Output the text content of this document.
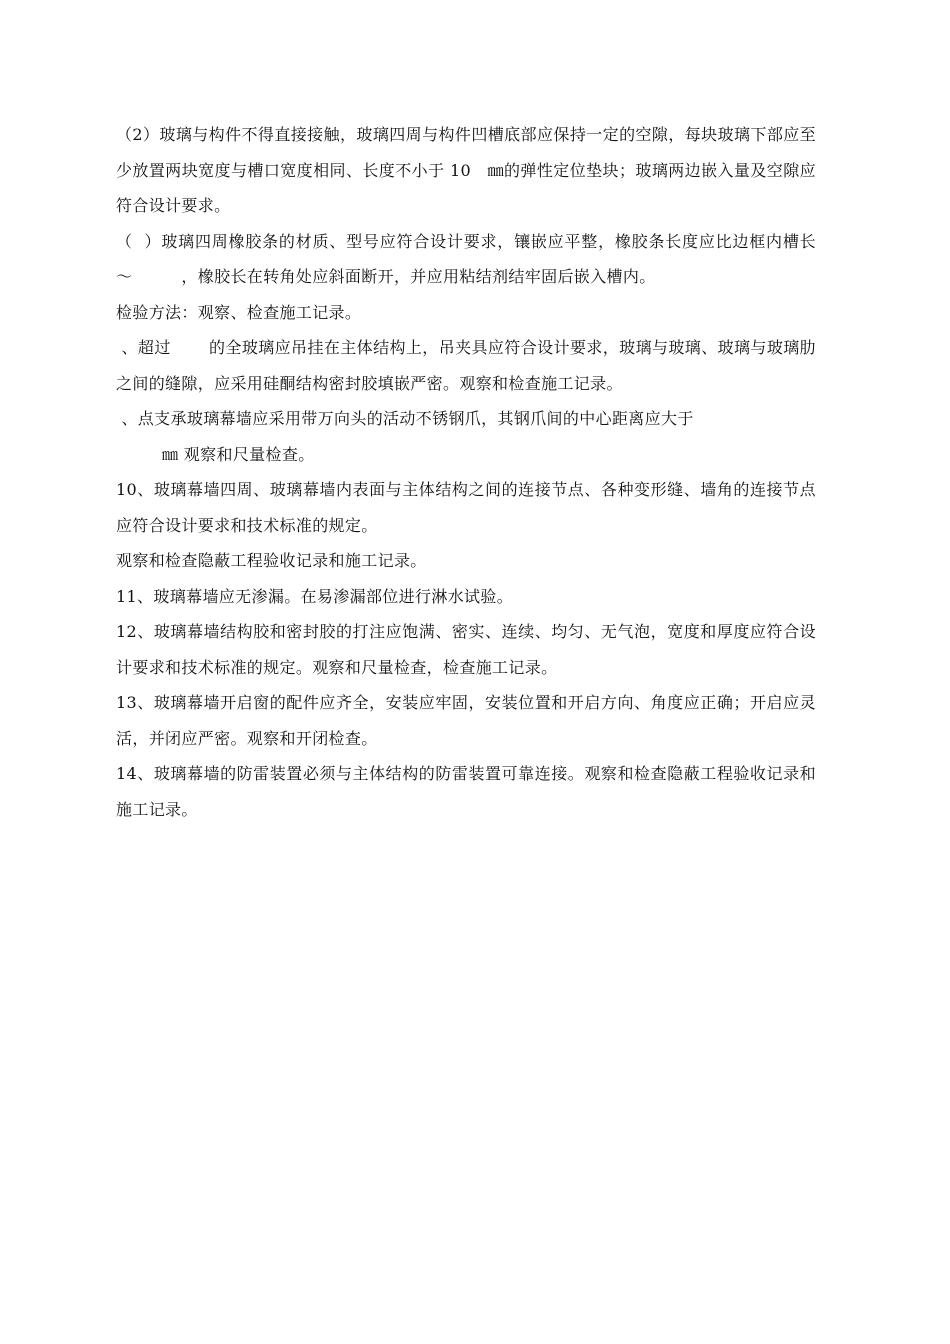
（2）玻璃与构件不得直接接触，玻璃四周与构件凹槽底部应保持一定的空隙，每块玻璃下部应至少放置两块宽度与槽口宽度相同、长度不小于 10　㎜的弹性定位垫块；玻璃两边嵌入量及空隙应符合设计要求。

（  ）玻璃四周橡胶条的材质、型号应符合设计要求，镶嵌应平整，橡胶条长度应比边框内槽长　　　～　　　，橡胶长在转角处应斜面断开，并应用粘结剂结牢固后嵌入槽内。

检验方法：观察、检查施工记录。

、超过　　 的全玻璃应吊挂在主体结构上，吊夹具应符合设计要求，玻璃与玻璃、玻璃与玻璃肋之间的缝隙，应采用硅酮结构密封胶填嵌严密。观察和检查施工记录。

、点支承玻璃幕墙应采用带万向头的活动不锈钢爪，其钢爪间的中心距离应大于

㎜ 观察和尺量检查。

10、玻璃幕墙四周、玻璃幕墙内表面与主体结构之间的连接节点、各种变形缝、墙角的连接节点应符合设计要求和技术标准的规定。

观察和检查隐蔽工程验收记录和施工记录。

11、玻璃幕墙应无渗漏。在易渗漏部位进行淋水试验。

12、玻璃幕墙结构胶和密封胶的打注应饱满、密实、连续、均匀、无气泡，宽度和厚度应符合设计要求和技术标准的规定。观察和尺量检查，检查施工记录。

13、玻璃幕墙开启窗的配件应齐全，安装应牢固，安装位置和开启方向、角度应正确；开启应灵活，并闭应严密。观察和开闭检查。

14、玻璃幕墙的防雷装置必须与主体结构的防雷装置可靠连接。观察和检查隐蔽工程验收记录和施工记录。
